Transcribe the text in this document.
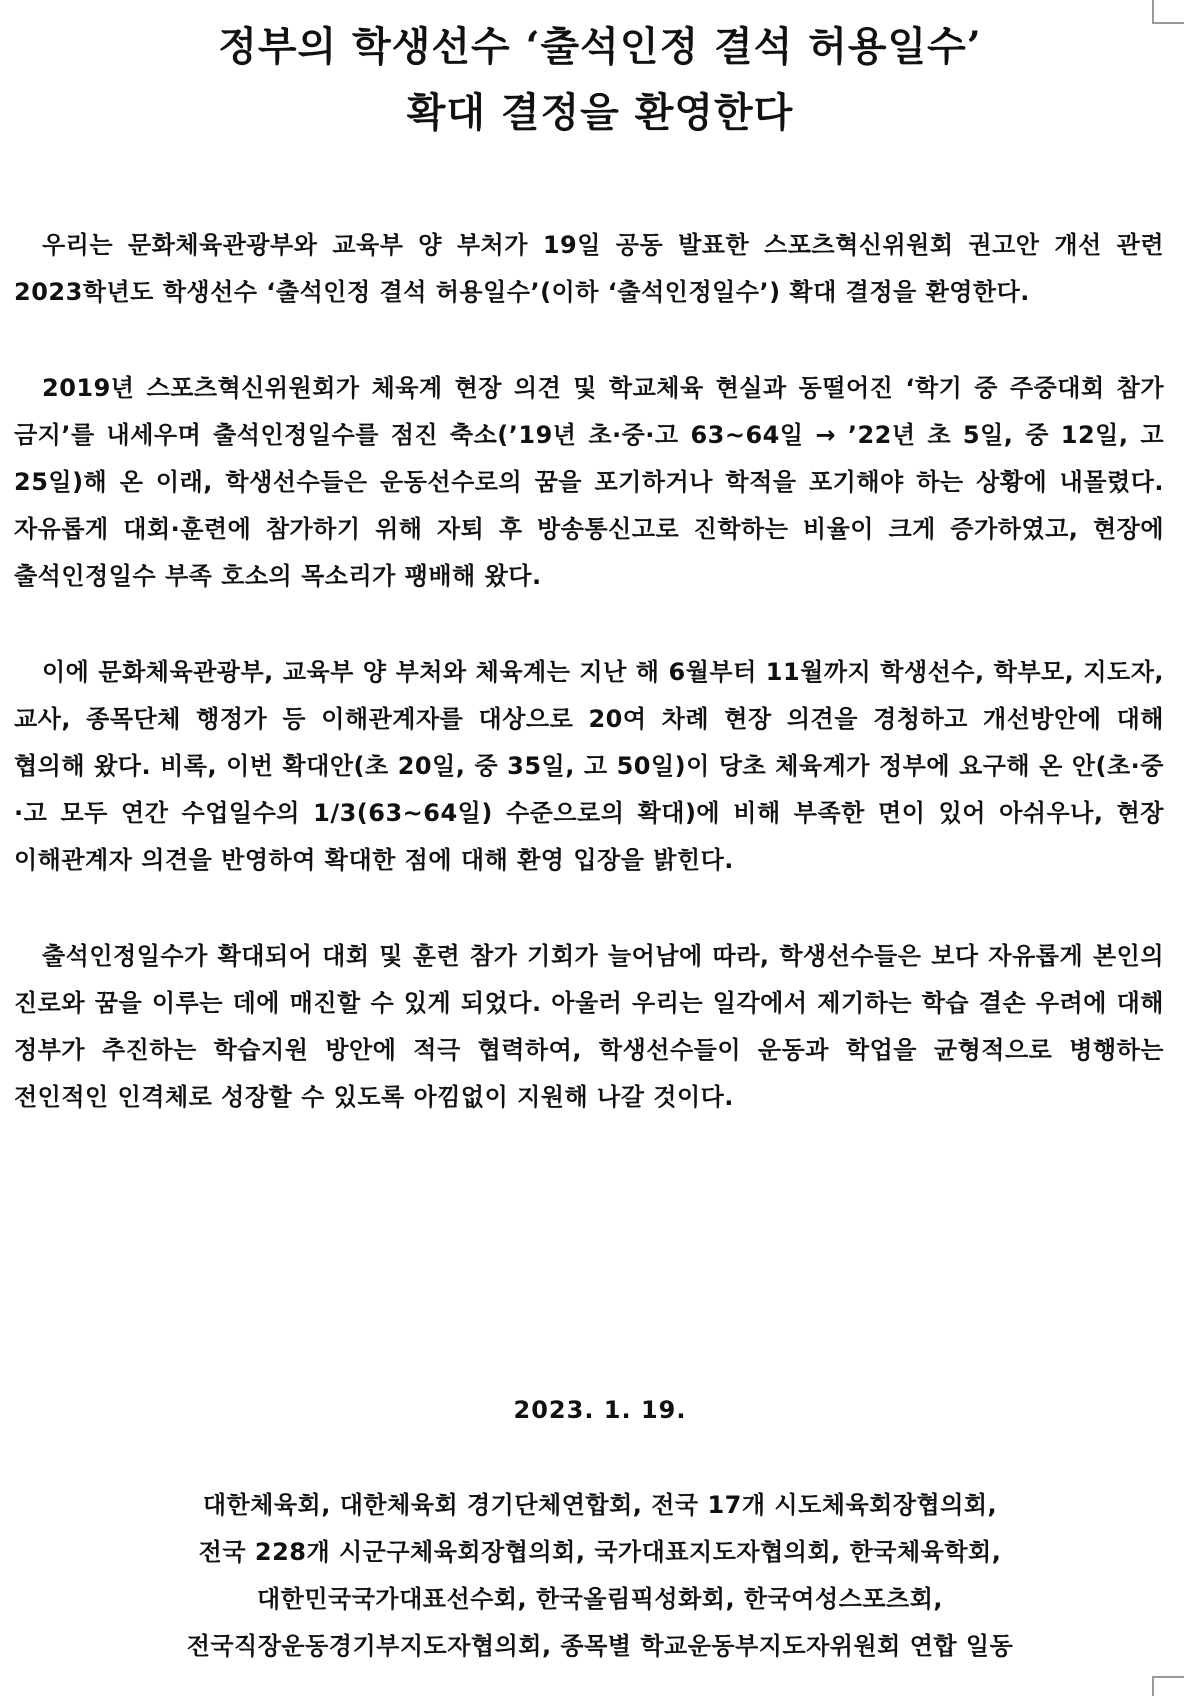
정부의 학생선수 ‘출석인정 결석 허용일수’
확대 결정을 환영한다

우리는 문화체육관광부와 교육부 양 부처가 19일 공동 발표한 스포츠혁신위원회 권고안 개선 관련 2023학년도 학생선수 ‘출석인정 결석 허용일수’(이하 ‘출석인정일수’) 확대 결정을 환영한다.

2019년 스포츠혁신위원회가 체육계 현장 의견 및 학교체육 현실과 동떨어진 ‘학기 중 주중대회 참가 금지’를 내세우며 출석인정일수를 점진 축소(’19년 초·중·고 63~64일 → ’22년 초 5일, 중 12일, 고 25일)해 온 이래, 학생선수들은 운동선수로의 꿈을 포기하거나 학적을 포기해야 하는 상황에 내몰렸다. 자유롭게 대회·훈련에 참가하기 위해 자퇴 후 방송통신고로 진학하는 비율이 크게 증가하였고, 현장에 출석인정일수 부족 호소의 목소리가 팽배해 왔다.

이에 문화체육관광부, 교육부 양 부처와 체육계는 지난 해 6월부터 11월까지 학생선수, 학부모, 지도자, 교사, 종목단체 행정가 등 이해관계자를 대상으로 20여 차례 현장 의견을 경청하고 개선방안에 대해 협의해 왔다. 비록, 이번 확대안(초 20일, 중 35일, 고 50일)이 당초 체육계가 정부에 요구해 온 안(초·중·고 모두 연간 수업일수의 1/3(63~64일) 수준으로의 확대)에 비해 부족한 면이 있어 아쉬우나, 현장 이해관계자 의견을 반영하여 확대한 점에 대해 환영 입장을 밝힌다.

출석인정일수가 확대되어 대회 및 훈련 참가 기회가 늘어남에 따라, 학생선수들은 보다 자유롭게 본인의 진로와 꿈을 이루는 데에 매진할 수 있게 되었다. 아울러 우리는 일각에서 제기하는 학습 결손 우려에 대해 정부가 추진하는 학습지원 방안에 적극 협력하여, 학생선수들이 운동과 학업을 균형적으로 병행하는 전인적인 인격체로 성장할 수 있도록 아낌없이 지원해 나갈 것이다.

2023. 1. 19.
대한체육회, 대한체육회 경기단체연합회, 전국 17개 시도체육회장협의회,
전국 228개 시군구체육회장협의회, 국가대표지도자협의회, 한국체육학회,
대한민국국가대표선수회, 한국올림픽성화회, 한국여성스포츠회,
전국직장운동경기부지도자협의회, 종목별 학교운동부지도자위원회 연합 일동
